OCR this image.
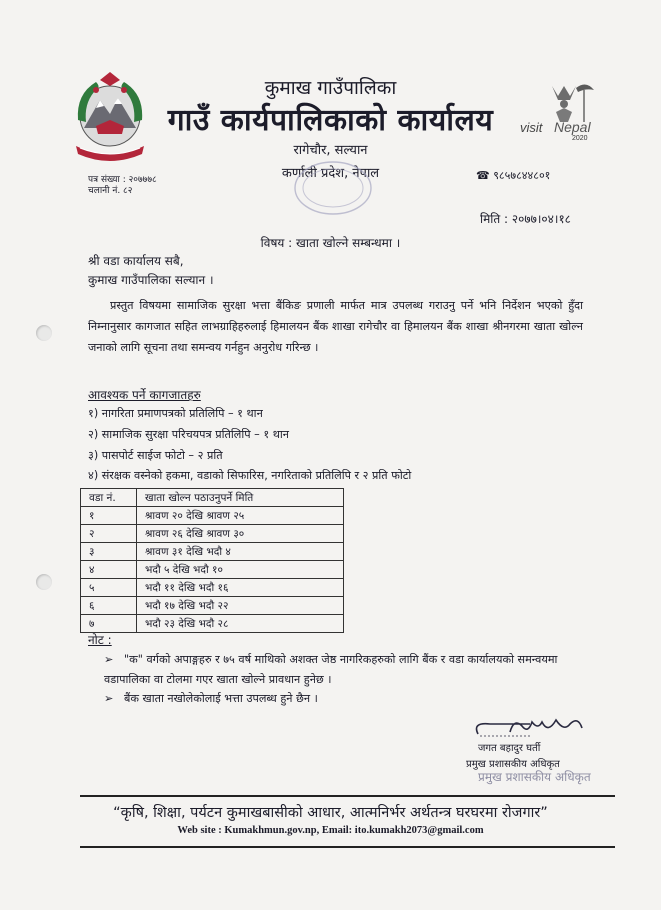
visit Nepal
2020
कुमाख गाउँपालिका
गाउँ कार्यपालिकाको कार्यालय
रागेचौर, सल्यान
कर्णाली प्रदेश, नेपाल
पत्र संख्या : २०७७७८
चलानी नं. ८२
☎ ९८५७८४४८०१
मिति : २०७७।०४।१८
विषय : खाता खोल्ने सम्बन्धमा ।
श्री वडा कार्यालय सबै,
कुमाख गाउँपालिका सल्यान ।
प्रस्तुत विषयमा सामाजिक सुरक्षा भत्ता बैंकिङ प्रणाली मार्फत मात्र उपलब्ध गराउनु पर्ने भनि निर्देशन भएको हुँदा निम्नानुसार कागजात सहित लाभग्राहिहरुलाई हिमालयन बैंक शाखा रागेचौर वा हिमालयन बैंक शाखा श्रीनगरमा खाता खोल्न जनाको लागि सूचना तथा समन्वय गर्नहुन अनुरोध गरिन्छ ।
आवश्यक पर्ने कागजातहरु
१) नागरिता प्रमाणपत्रको प्रतिलिपि – १ थान
२) सामाजिक सुरक्षा परिचयपत्र प्रतिलिपि – १ थान
३) पासपोर्ट साईज फोटो – २ प्रति
४) संरक्षक वस्नेको हकमा, वडाको सिफारिस, नगरिताको प्रतिलिपि र २ प्रति फोटो
वडा नं.	खाता खोल्न पठाउनुपर्ने मिति
१	श्रावण २० देखि श्रावण २५
२	श्रावण २६ देखि श्रावण ३०
३	श्रावण ३१ देखि भदौ ४
४	भदौ ५ देखि भदौ १०
५	भदौ ११ देखि भदौ १६
६	भदौ १७ देखि भदौ २२
७	भदौ २३ देखि भदौ २८
नोट :
➢ "क" वर्गको अपाङ्गहरु र ७५ वर्ष माथिको अशक्त जेष्ठ नागरिकहरुको लागि बैंक र वडा कार्यालयको समन्वयमा वडापालिका वा टोलमा गएर खाता खोल्ने प्रावधान हुनेछ ।
➢ बैंक खाता नखोलेकोलाई भत्ता उपलब्ध हुने छैन ।
जगत बहादुर घर्ती
प्रमुख प्रशासकीय अधिकृत
प्रमुख प्रशासकीय अधिकृत
“कृषि, शिक्षा, पर्यटन कुमाखबासीको आधार, आत्मनिर्भर अर्थतन्त्र घरघरमा रोजगार”
Web site : Kumakhmun.gov.np, Email: ito.kumakh2073@gmail.com
